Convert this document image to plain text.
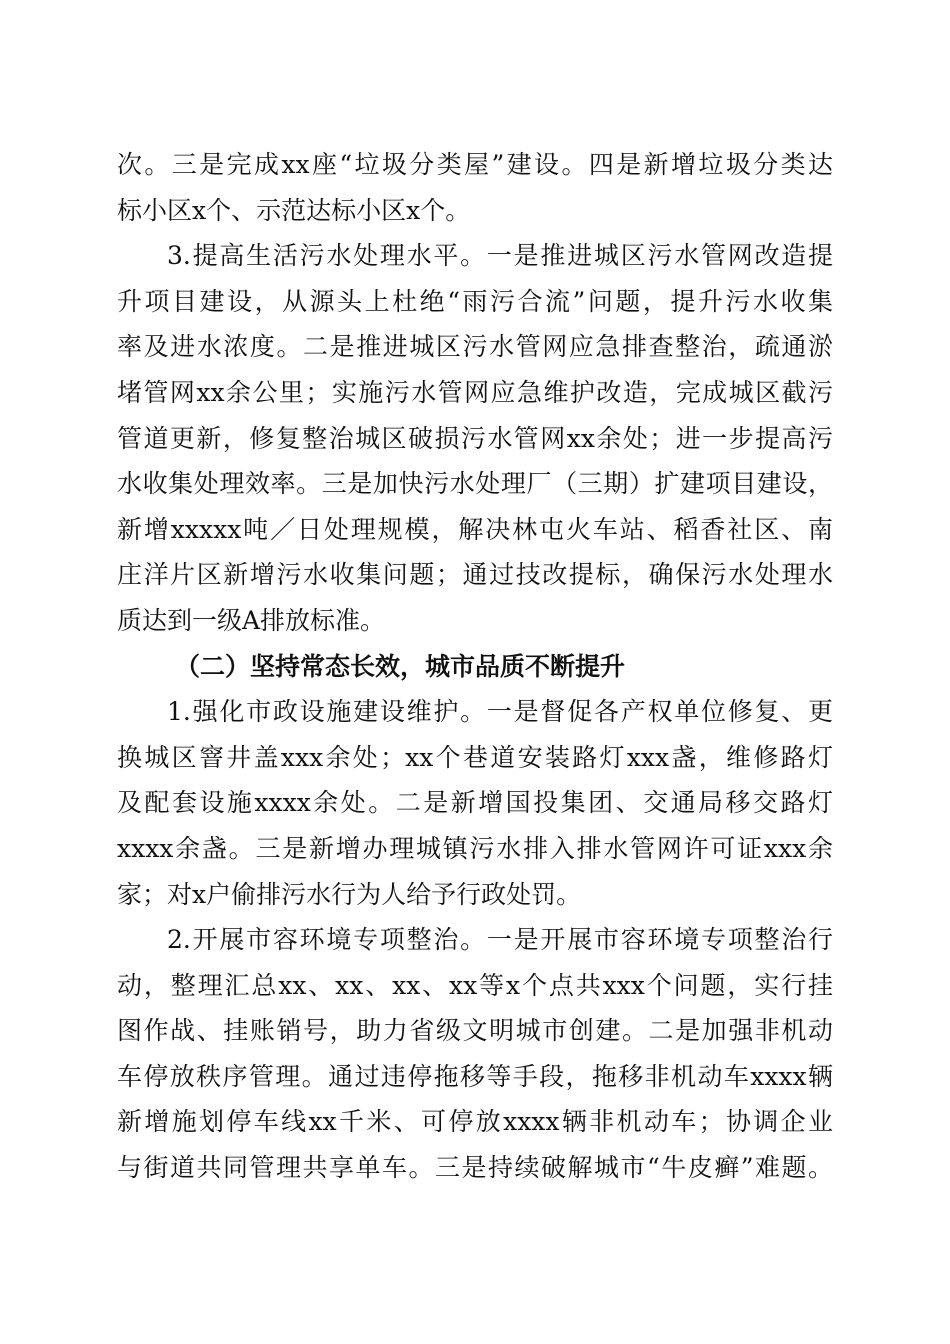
次。三是完成xx座“垃圾分类屋”建设。四是新增垃圾分类达
标小区x个、示范达标小区x个。
3.提高生活污水处理水平。一是推进城区污水管网改造提
升项目建设，从源头上杜绝“雨污合流”问题，提升污水收集
率及进水浓度。二是推进城区污水管网应急排查整治，疏通淤
堵管网xx余公里；实施污水管网应急维护改造，完成城区截污
管道更新，修复整治城区破损污水管网xx余处；进一步提高污
水收集处理效率。三是加快污水处理厂（三期）扩建项目建设，
新增xxxxx吨／日处理规模，解决林屯火车站、稻香社区、南
庄洋片区新增污水收集问题；通过技改提标，确保污水处理水
质达到一级A排放标准。
（二）坚持常态长效，城市品质不断提升
1.强化市政设施建设维护。一是督促各产权单位修复、更
换城区窨井盖xxx余处；xx个巷道安装路灯xxx盏，维修路灯
及配套设施xxxx余处。二是新增国投集团、交通局移交路灯
xxxx余盏。三是新增办理城镇污水排入排水管网许可证xxx余
家；对x户偷排污水行为人给予行政处罚。
2.开展市容环境专项整治。一是开展市容环境专项整治行
动，整理汇总xx、xx、xx、xx等x个点共xxx个问题，实行挂
图作战、挂账销号，助力省级文明城市创建。二是加强非机动
车停放秩序管理。通过违停拖移等手段，拖移非机动车xxxx辆
新增施划停车线xx千米、可停放xxxx辆非机动车；协调企业
与街道共同管理共享单车。三是持续破解城市“牛皮癣”难题。
